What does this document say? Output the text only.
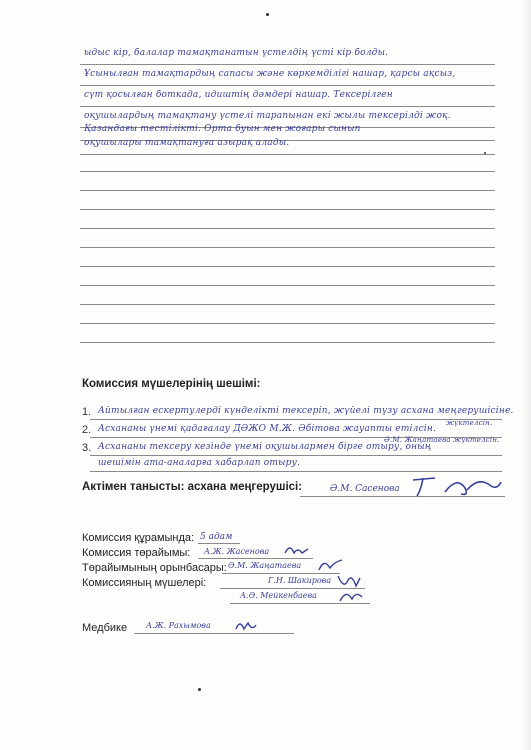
ыдыс кір, балалар тамақтанатын үстелдің үсті кір болды.
Ұсынылған тамақтардың сапасы және көркемділігі нашар, қарсы ақсыз,
сүт қосылған боткада, идиштің дәмдері нашар. Тексерілген
оқушылардың тамақтану үстелі тарапынан екі жылы тексерілді жоқ.
Қазандағы тестілікті. Орта буын мен жоғары сынып
оқушылары тамақтануға азырақ алады.
Комиссия мүшелерінің шешімі:
1. Айтылған ескертулерді күнделікті тексеріп, жүйелі түзу асхана меңгерушісіне.
жүктелсін.
2. Асхананы үнемі қадағалау ДӘЖО М.Ж. Әбітова жауапты етілсін.
Ә.М. Жаңатаева жүктелсін.
3. Асхананы тексеру кезінде үнемі оқушылармен бірге отыру, оның
шешімін ата-аналарға хабарлап отыру.
Актімен танысты: асхана меңгерушісі:	Ә.М. Сасенова
Комиссия құрамында: 5 адам
Комиссия төрайымы: А.Ж. Жасенова
Төрайымының орынбасары: Ә.М. Жаңатаева
Комиссияның мүшелері:	Г.Н. Шакирова
А.Ә. Мейкенбаева
Медбике А.Ж. Рахымова
